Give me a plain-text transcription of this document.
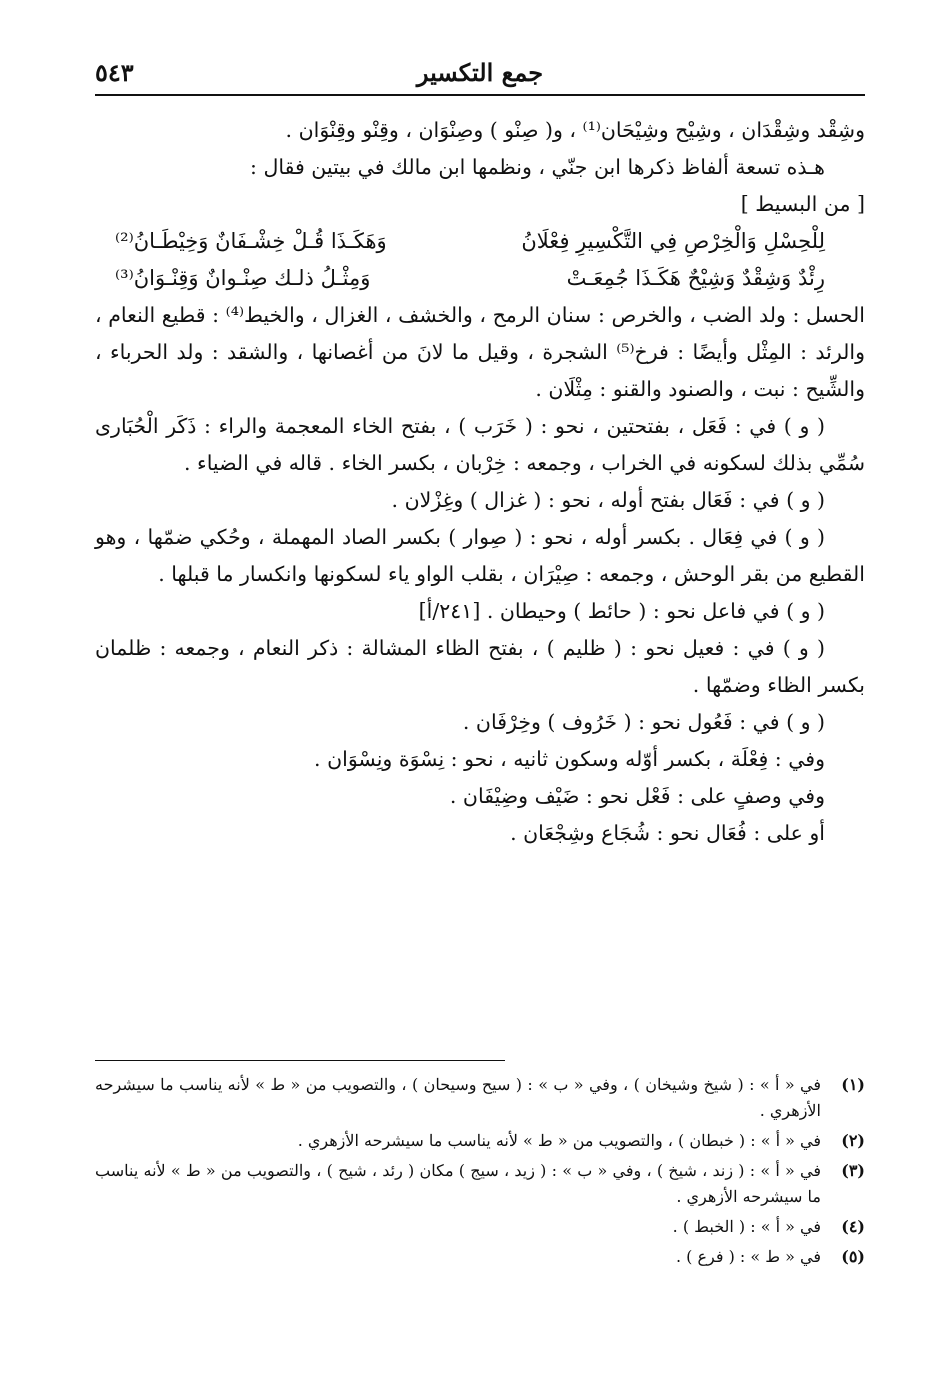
جمع التكسير
٥٤٣

وشِقْد وشِقْدَان ، وشِيْح وشِيْحَان⁽¹⁾ ، و( صِنْو ) وصِنْوَان ، وقِنْو وقِنْوَان .

هـذه تسعة ألفاظ ذكرها ابن جنّي ، ونظمها ابن مالك في بيتين فقال :

[ من البسيط ]

لِلْحِسْلِ وَالْخِرْصِ فِي التَّكْسِيرِ فِعْلَانُ
وَهَكَـذَا قُـلْ خِشْـفَانٌ وَخِيْطَـانُ⁽²⁾
رِئْدٌ وَشِقْدٌ وَشِيْحٌ هَكَـذَا جُمِعَـتْ
وَمِثْـلُ ذلـك صِنْـوانٌ وَقِنْـوَانُ⁽³⁾

الحسل : ولد الضب ، والخرص : سنان الرمح ، والخشف ، الغزال ، والخيط⁽⁴⁾ : قطيع النعام ، والرئد : المِثْل وأيضًا : فرخ⁽⁵⁾ الشجرة ، وقيل ما لانَ من أغصانها ، والشقد : ولد الحرباء ، والشِّيح : نبت ، والصنود والقنو : مِثْلَان .

( و ) في : فَعَل ، بفتحتين ، نحو : ( خَرَب ) ، بفتح الخاء المعجمة والراء : ذَكَر الْحُبَارى سُمِّي بذلك لسكونه في الخراب ، وجمعه : خِرْبان ، بكسر الخاء . قاله في الضياء .

( و ) في : فَعَال بفتح أوله ، نحو : ( غزال ) وغِزْلان .

( و ) في فِعَال . بكسر أوله ، نحو : ( صِوار ) بكسر الصاد المهملة ، وحُكي ضمّها ، وهو القطيع من بقر الوحش ، وجمعه : صِيْرَان ، بقلب الواو ياء لسكونها وانكسار ما قبلها .

( و ) في فاعل نحو : ( حائط ) وحيطان . [٢٤١/أ]

( و ) في : فعيل نحو : ( ظليم ) ، بفتح الظاء المشالة : ذكر النعام ، وجمعه : ظلمان بكسر الظاء وضمّها .

( و ) في : فَعُول نحو : ( خَرُوف ) وخِرْفَان .

وفي : فِعْلَة ، بكسر أوّله وسكون ثانيه ، نحو : نِسْوَة ونِسْوَان .

وفي وصفٍ على : فَعْل نحو : ضَيْف وضِيْفَان .

أو على : فُعَال نحو : شُجَاع وشِجْعَان .

(١)
في « أ » : ( شيخ وشيخان ) ، وفي « ب » : ( سيح وسيحان ) ، والتصويب من « ط » لأنه يناسب ما سيشرحه الأزهري .
(٢)
في « أ » : ( خبطان ) ، والتصويب من « ط » لأنه يناسب ما سيشرحه الأزهري .
(٣)
في « أ » : ( زند ، شيخ ) ، وفي « ب » : ( زيد ، سيج ) مكان ( رئد ، شيح ) ، والتصويب من « ط » لأنه يناسب ما سيشرحه الأزهري .
(٤)
في « أ » : ( الخبط ) .
(٥)
في « ط » : ( فرع ) .
